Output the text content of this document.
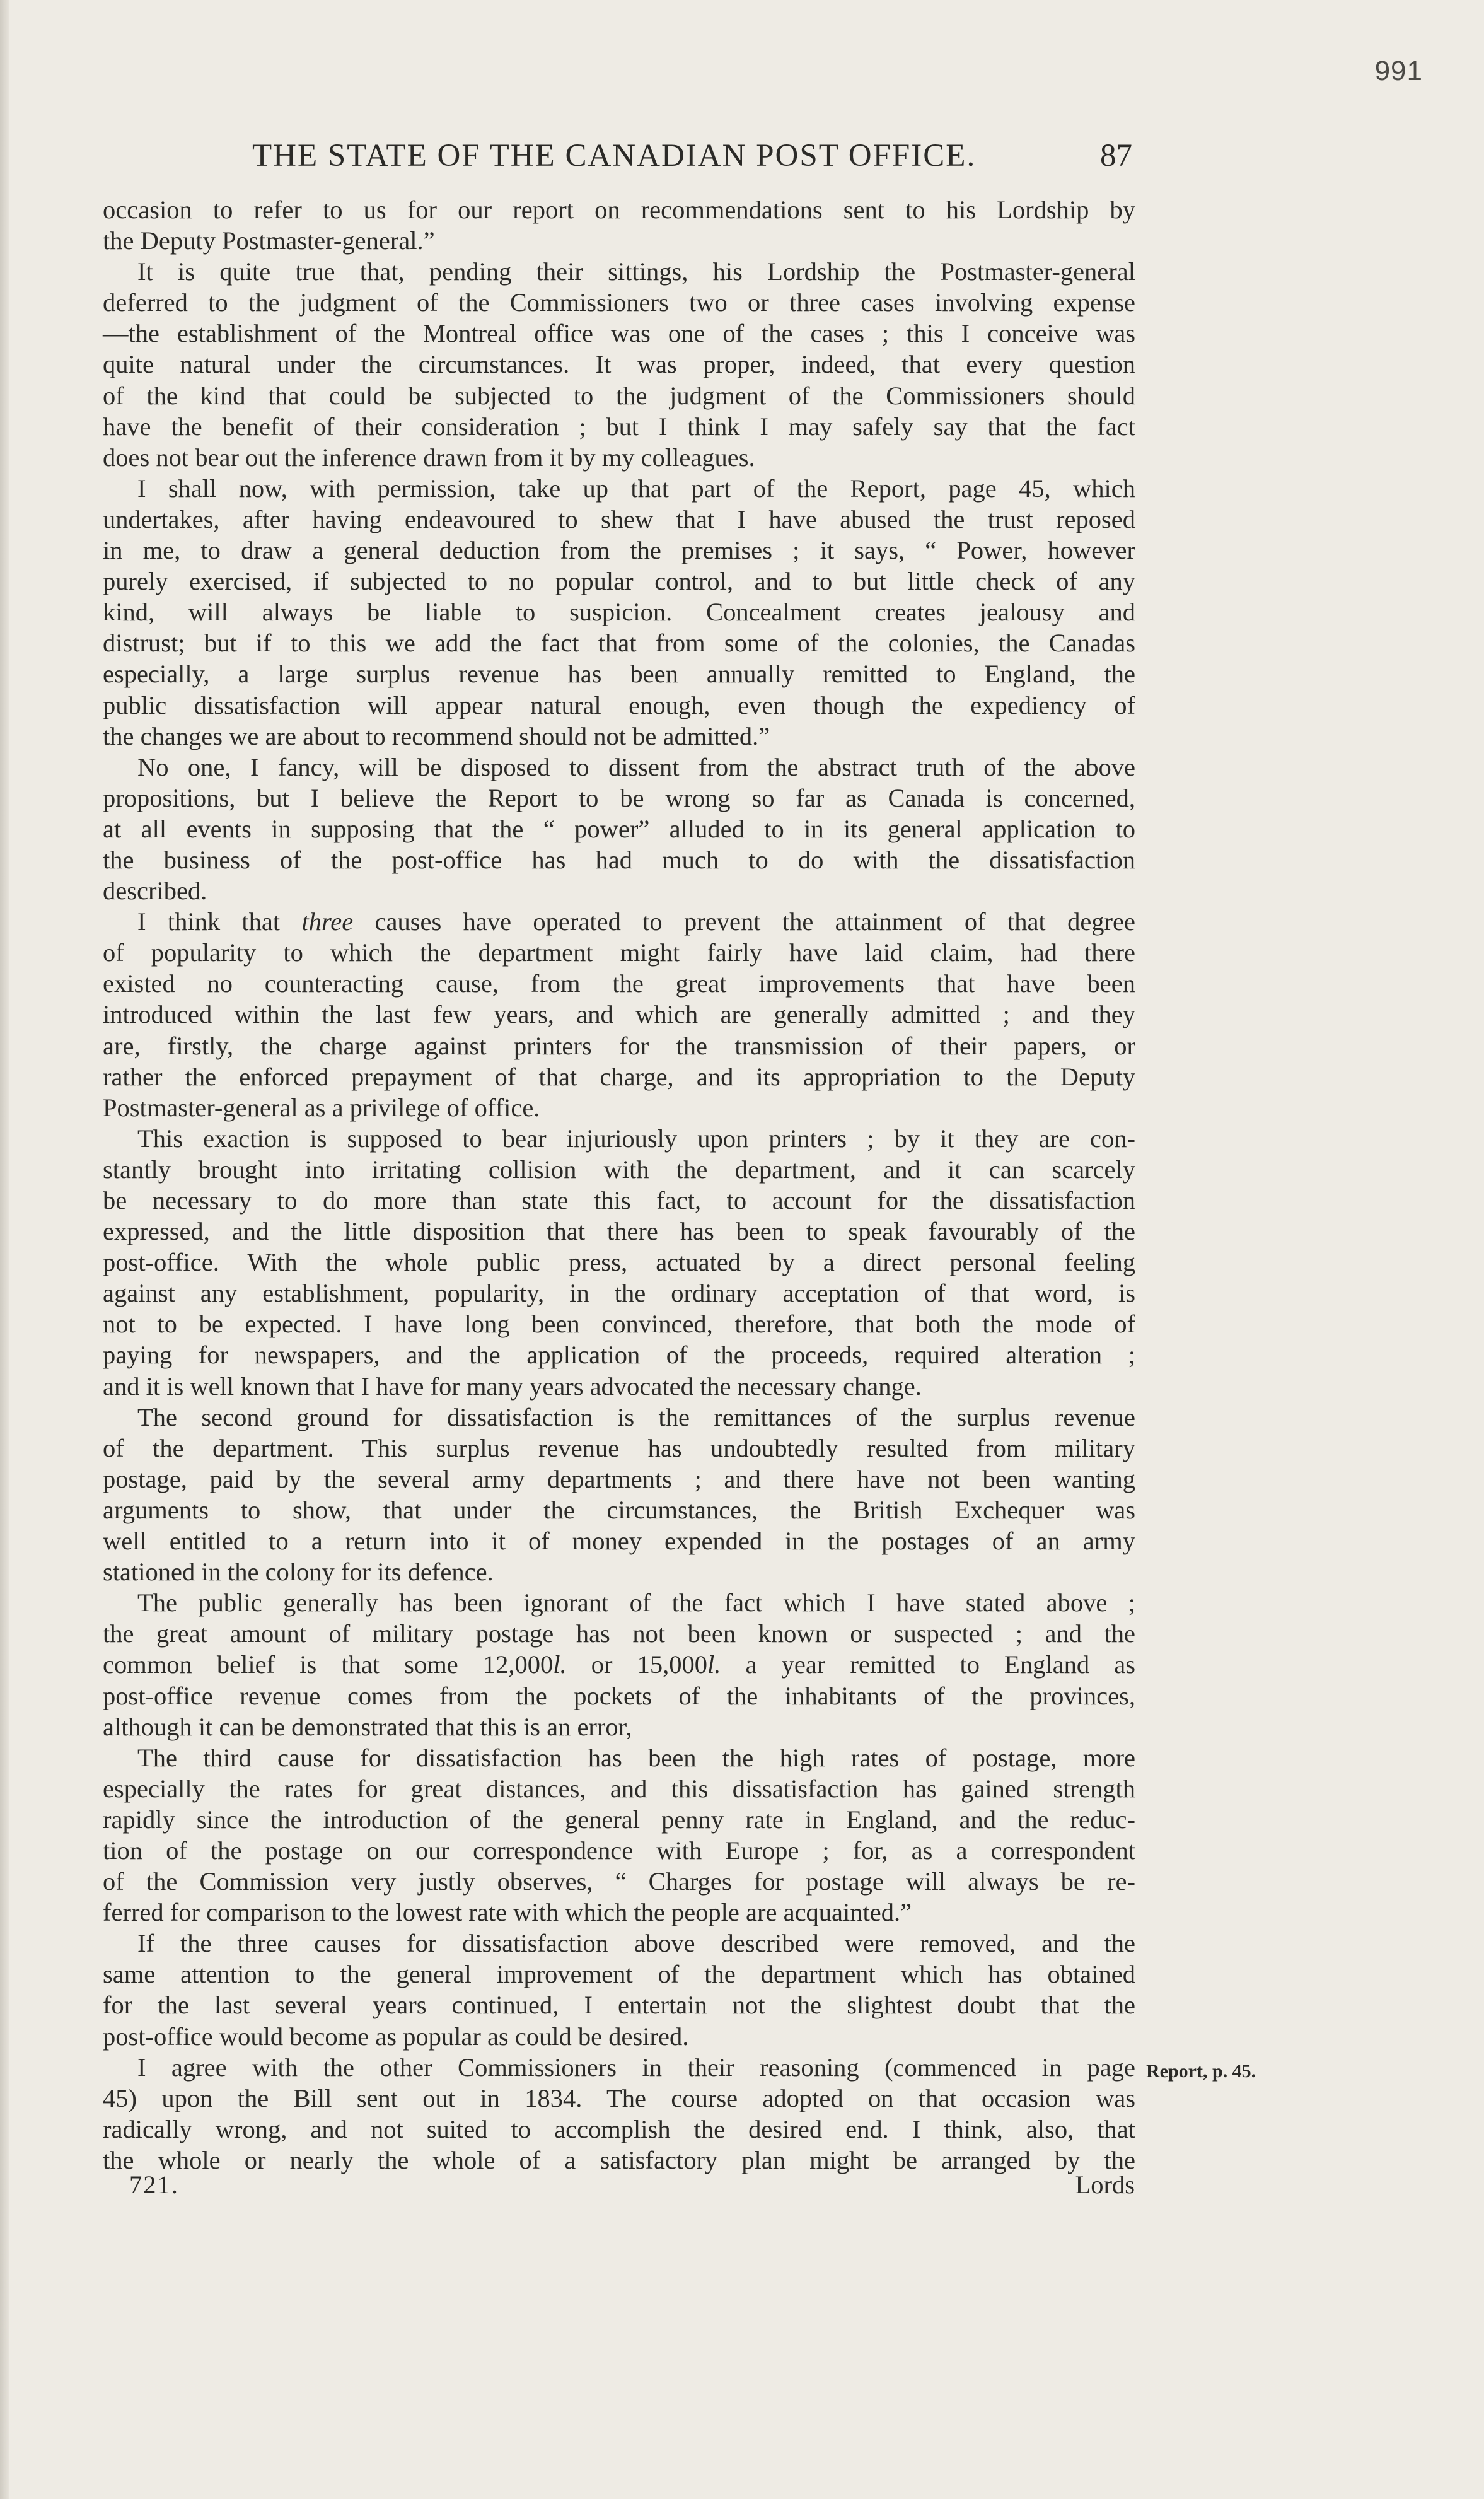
991
THE STATE OF THE CANADIAN POST OFFICE.	87
occasion to refer to us for our report on recommendations sent to his Lordship by
the Deputy Postmaster-general.”
It is quite true that, pending their sittings, his Lordship the Postmaster-general
deferred to the judgment of the Commissioners two or three cases involving expense
—the establishment of the Montreal office was one of the cases ; this I conceive was
quite natural under the circumstances. It was proper, indeed, that every question
of the kind that could be subjected to the judgment of the Commissioners should
have the benefit of their consideration ; but I think I may safely say that the fact
does not bear out the inference drawn from it by my colleagues.
I shall now, with permission, take up that part of the Report, page 45, which
undertakes, after having endeavoured to shew that I have abused the trust reposed
in me, to draw a general deduction from the premises ; it says, “ Power, however
purely exercised, if subjected to no popular control, and to but little check of any
kind, will always be liable to suspicion. Concealment creates jealousy and
distrust; but if to this we add the fact that from some of the colonies, the Canadas
especially, a large surplus revenue has been annually remitted to England, the
public dissatisfaction will appear natural enough, even though the expediency of
the changes we are about to recommend should not be admitted.”
No one, I fancy, will be disposed to dissent from the abstract truth of the above
propositions, but I believe the Report to be wrong so far as Canada is concerned,
at all events in supposing that the “ power” alluded to in its general application to
the business of the post-office has had much to do with the dissatisfaction
described.
I think that three causes have operated to prevent the attainment of that degree
of popularity to which the department might fairly have laid claim, had there
existed no counteracting cause, from the great improvements that have been
introduced within the last few years, and which are generally admitted ; and they
are, firstly, the charge against printers for the transmission of their papers, or
rather the enforced prepayment of that charge, and its appropriation to the Deputy
Postmaster-general as a privilege of office.
This exaction is supposed to bear injuriously upon printers ; by it they are con-
stantly brought into irritating collision with the department, and it can scarcely
be necessary to do more than state this fact, to account for the dissatisfaction
expressed, and the little disposition that there has been to speak favourably of the
post-office. With the whole public press, actuated by a direct personal feeling
against any establishment, popularity, in the ordinary acceptation of that word, is
not to be expected. I have long been convinced, therefore, that both the mode of
paying for newspapers, and the application of the proceeds, required alteration ;
and it is well known that I have for many years advocated the necessary change.
The second ground for dissatisfaction is the remittances of the surplus revenue
of the department. This surplus revenue has undoubtedly resulted from military
postage, paid by the several army departments ; and there have not been wanting
arguments to show, that under the circumstances, the British Exchequer was
well entitled to a return into it of money expended in the postages of an army
stationed in the colony for its defence.
The public generally has been ignorant of the fact which I have stated above ;
the great amount of military postage has not been known or suspected ; and the
common belief is that some 12,000l. or 15,000l. a year remitted to England as
post-office revenue comes from the pockets of the inhabitants of the provinces,
although it can be demonstrated that this is an error,
The third cause for dissatisfaction has been the high rates of postage, more
especially the rates for great distances, and this dissatisfaction has gained strength
rapidly since the introduction of the general penny rate in England, and the reduc-
tion of the postage on our correspondence with Europe ; for, as a correspondent
of the Commission very justly observes, “ Charges for postage will always be re-
ferred for comparison to the lowest rate with which the people are acquainted.”
If the three causes for dissatisfaction above described were removed, and the
same attention to the general improvement of the department which has obtained
for the last several years continued, I entertain not the slightest doubt that the
post-office would become as popular as could be desired.
I agree with the other Commissioners in their reasoning (commenced in page
45) upon the Bill sent out in 1834. The course adopted on that occasion was
radically wrong, and not suited to accomplish the desired end. I think, also, that
the whole or nearly the whole of a satisfactory plan might be arranged by the
Report, p. 45.
721.	Lords
